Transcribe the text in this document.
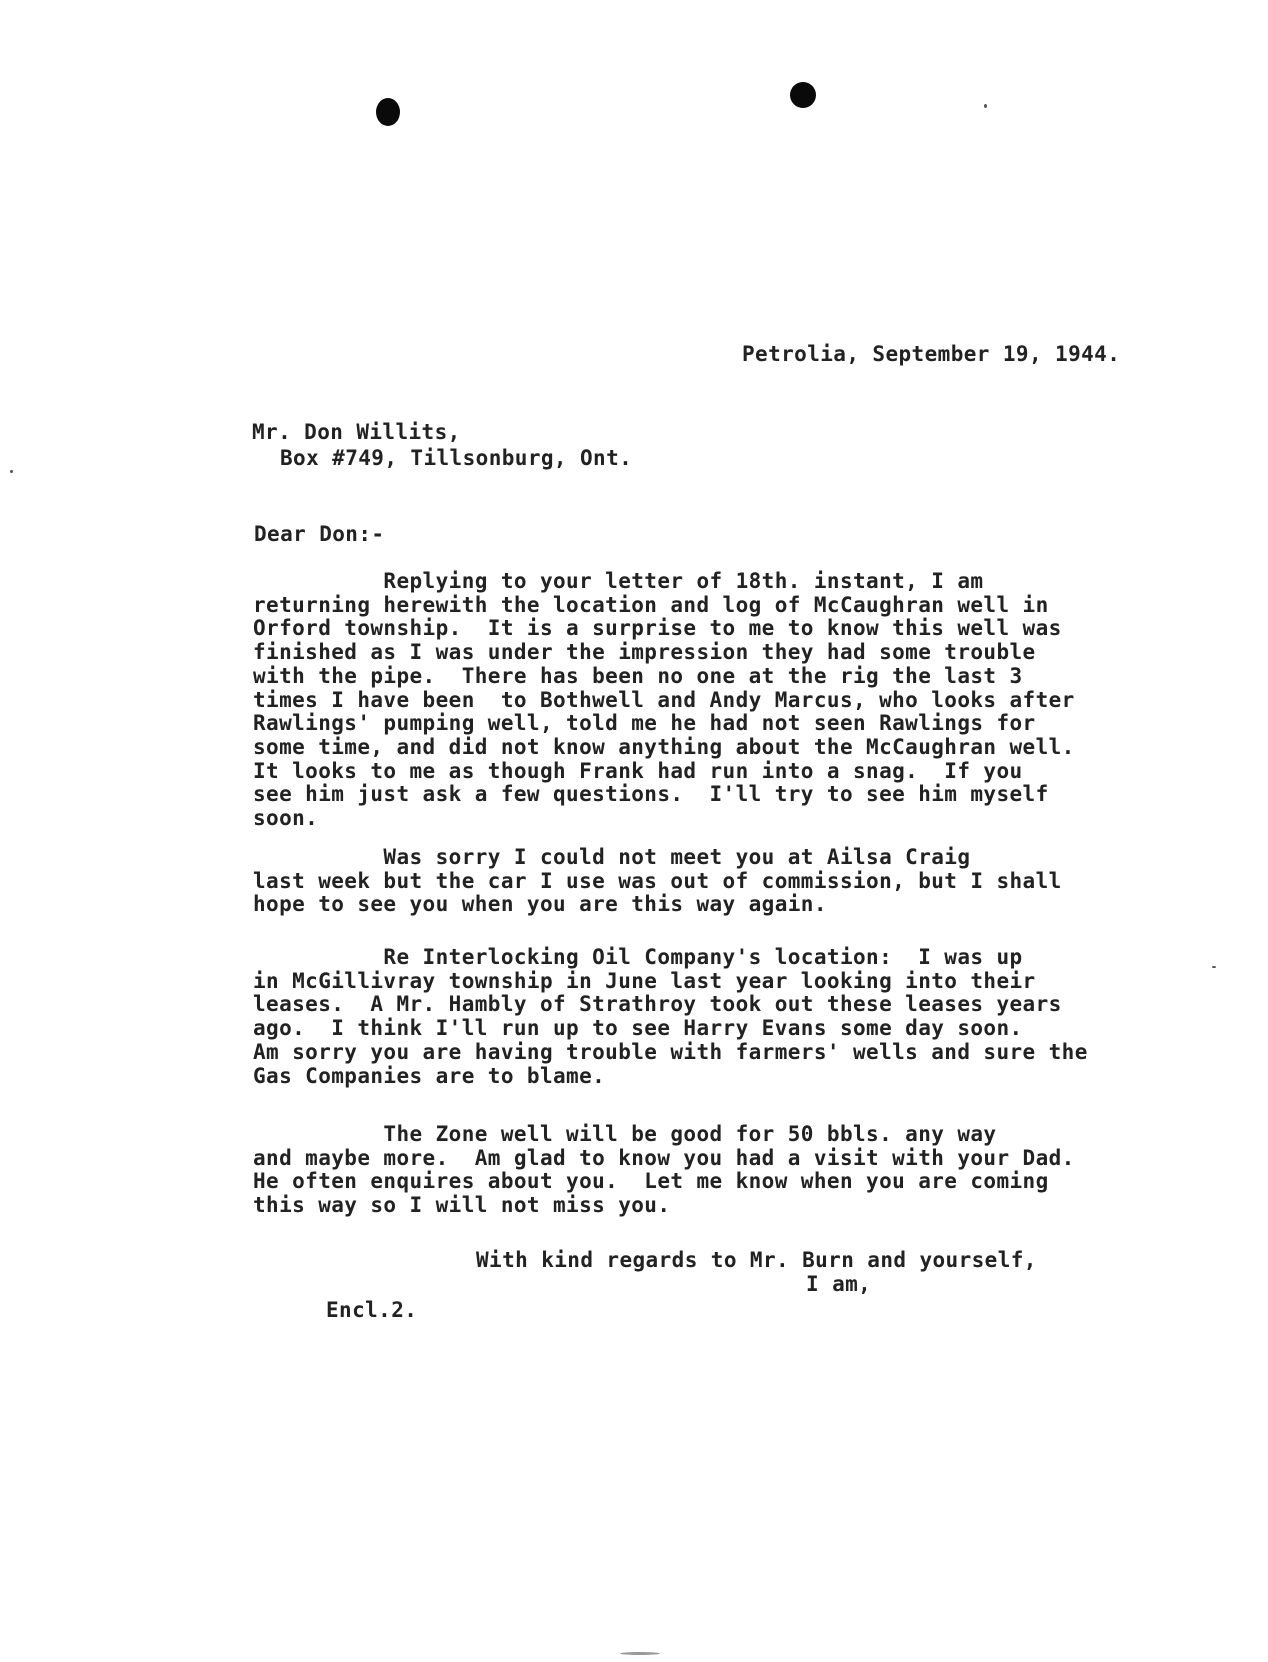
Petrolia, September 19, 1944.
Mr. Don Willits,
Box #749, Tillsonburg, Ont.
Dear Don:-
Replying to your letter of 18th. instant, I am
returning herewith the location and log of McCaughran well in
Orford township.  It is a surprise to me to know this well was
finished as I was under the impression they had some trouble
with the pipe.  There has been no one at the rig the last 3
times I have been  to Bothwell and Andy Marcus, who looks after
Rawlings' pumping well, told me he had not seen Rawlings for
some time, and did not know anything about the McCaughran well.
It looks to me as though Frank had run into a snag.  If you
see him just ask a few questions.  I'll try to see him myself
soon.
Was sorry I could not meet you at Ailsa Craig
last week but the car I use was out of commission, but I shall
hope to see you when you are this way again.
Re Interlocking Oil Company's location:  I was up
in McGillivray township in June last year looking into their
leases.  A Mr. Hambly of Strathroy took out these leases years
ago.  I think I'll run up to see Harry Evans some day soon.
Am sorry you are having trouble with farmers' wells and sure the
Gas Companies are to blame.
The Zone well will be good for 50 bbls. any way
and maybe more.  Am glad to know you had a visit with your Dad.
He often enquires about you.  Let me know when you are coming
this way so I will not miss you.
With kind regards to Mr. Burn and yourself,
I am,
Encl.2.
